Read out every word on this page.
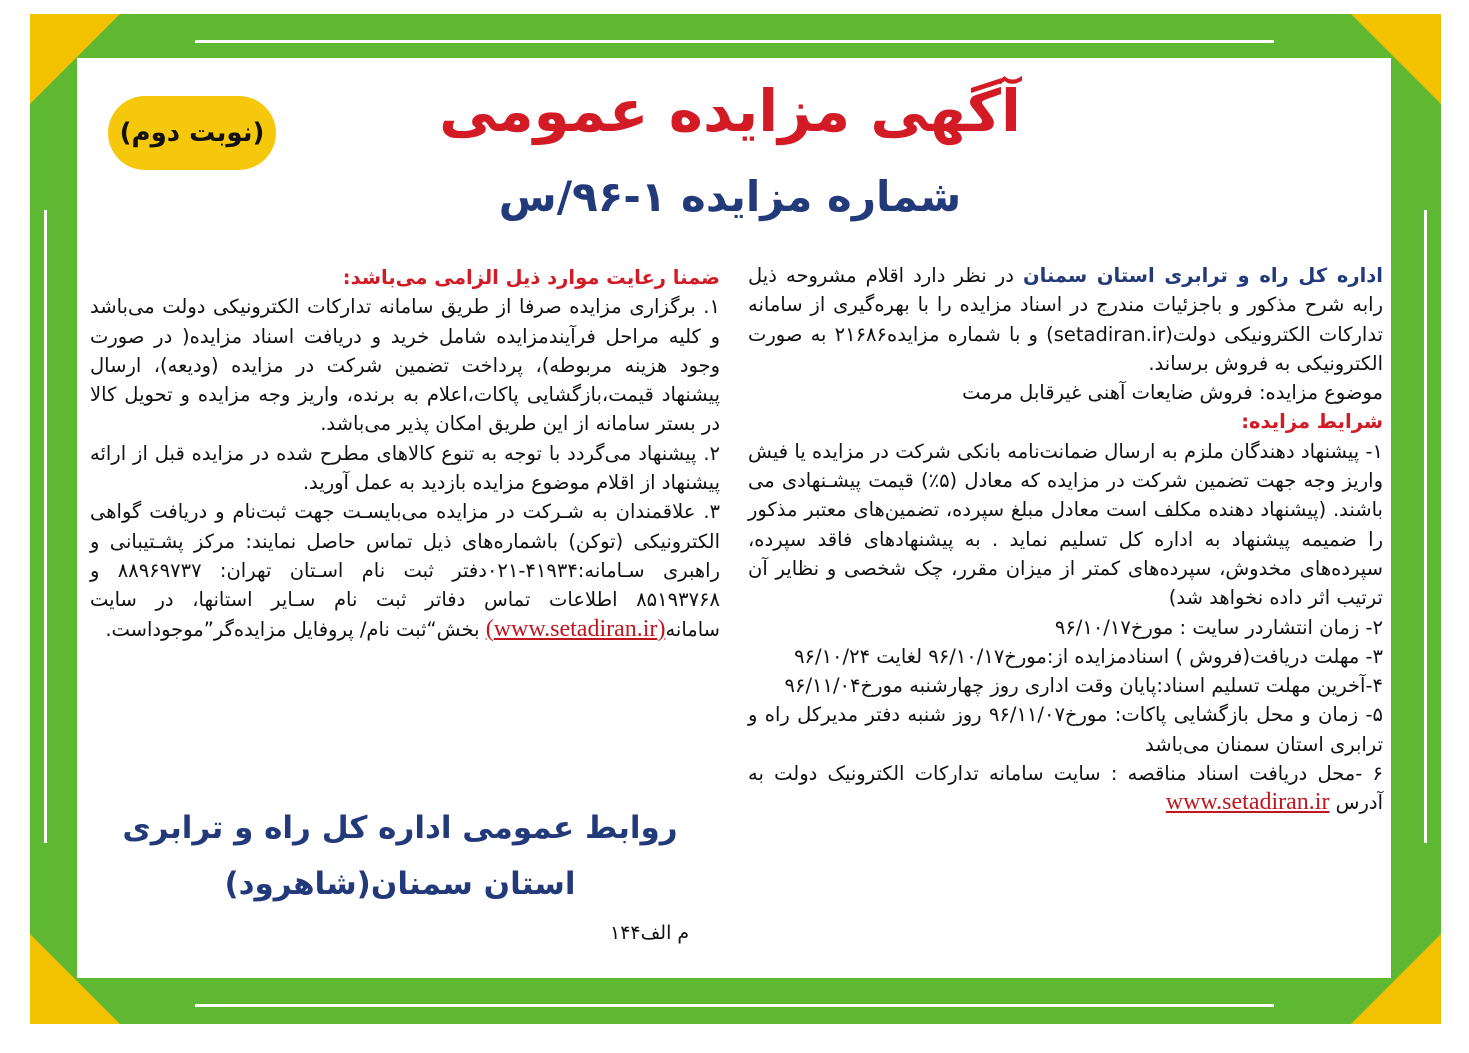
(نوبت دوم)	آگهی مزایده عمومی
شماره مزایده ۱-۹۶/س

اداره کل راه و ترابری استان سمنان در نظر دارد اقلام مشروحه ذیل رابه شرح مذکور و باجزئیات مندرج در اسناد مزایده را با بهره‌گیری از سامانه تدارکات الکترونیکی دولت(setadiran.ir) و با شماره مزایده۲۱۶۸۶ به صورت الکترونیکی به فروش برساند.

موضوع مزایده: فروش ضایعات آهنی غیرقابل مرمت

شرایط مزایده:

۱- پیشنهاد دهندگان ملزم به ارسال ضمانت‌نامه بانکی شرکت در مزایده یا فیش واریز وجه جهت تضمین شرکت در مزایده که معادل (۵٪) قیمت پیشـنهادی می باشند. (پیشنهاد دهنده مکلف است معادل مبلغ سپرده، تضمین‌های معتبر مذکور را ضمیمه پیشنهاد به اداره کل تسلیم نماید . به پیشنهادهای فاقد سپرده، سپرده‌های مخدوش، سپرده‌های کمتر از میزان مقرر، چک شخصی و نظایر آن ترتیب اثر داده نخواهد شد)

۲- زمان انتشاردر سایت : مورخ۹۶/۱۰/۱۷

۳- مهلت دریافت(فروش ) اسنادمزایده از:مورخ۹۶/۱۰/۱۷ لغایت ۹۶/۱۰/۲۴

۴-آخرین مهلت تسلیم اسناد:پایان وقت اداری روز چهارشنبه مورخ۹۶/۱۱/۰۴

۵- زمان و محل بازگشایی پاکات: مورخ۹۶/۱۱/۰۷ روز شنبه دفتر مدیرکل راه و ترابری استان سمنان می‌باشد

۶ -محل دریافت اسناد مناقصه : سایت سامانه تدارکات الکترونیک دولت به آدرس www.setadiran.ir

ضمنا رعایت موارد ذیل الزامی می‌باشد:

۱. برگزاری مزایده صرفا از طریق سامانه تدارکات الکترونیکی دولت می‌باشد و کلیه مراحل فرآیندمزایده شامل خرید و دریافت اسناد مزایده( در صورت وجود هزینه مربوطه)، پرداخت تضمین شرکت در مزایده (ودیعه)، ارسال پیشنهاد قیمت،بازگشایی پاکات،اعلام به برنده، واریز وجه مزایده و تحویل کالا در بستر سامانه از این طریق امکان پذیر می‌باشد.

۲. پیشنهاد می‌گردد با توجه به تنوع کالاهای مطرح شده در مزایده قبل از ارائه پیشنهاد از اقلام موضوع مزایده بازدید به عمل آورید.

۳. علاقمندان به شـرکت در مزایده می‌بایسـت جهت ثبت‌نام و دریافت گواهی الکترونیکی (توکن) باشماره‌های ذیل تماس حاصل نمایند: مرکز پشـتیبانی و راهبری سـامانه:۴۱۹۳۴-۰۲۱دفتر ثبت نام اسـتان تهران: ۸۸۹۶۹۷۳۷ و ۸۵۱۹۳۷۶۸ اطلاعات تماس دفاتر ثبت نام سـایر استانها، در سایت سامانه(www.setadiran.ir) بخش“ثبت نام/ پروفایل مزایده‌گر”موجوداست.

روابط عمومی اداره کل راه و ترابری
استان سمنان(شاهرود)
م الف۱۴۴
